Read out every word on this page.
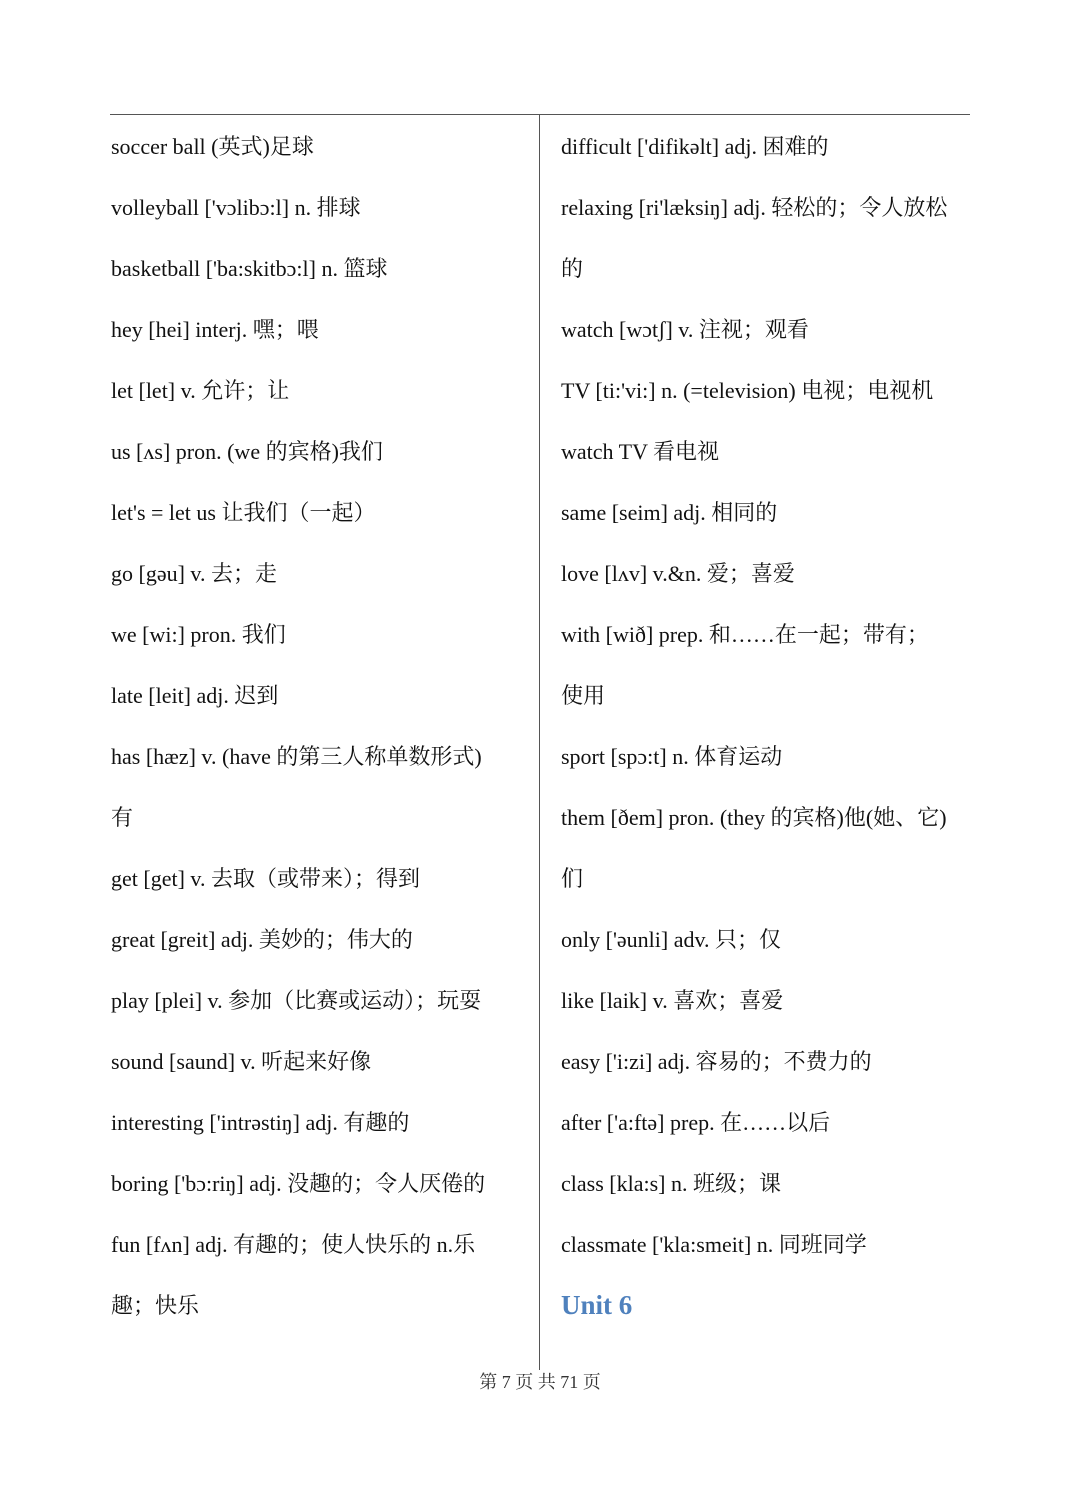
soccer ball (英式)足球
volleyball ['vɔlibɔ:l] n. 排球
basketball ['ba:skitbɔ:l] n. 篮球
hey [hei] interj. 嘿；喂
let [let] v. 允许；让
us [ʌs] pron. (we 的宾格)我们
let's = let us 让我们（一起）
go [gəu] v. 去；走
we [wi:] pron. 我们
late [leit] adj. 迟到
has [hæz] v. (have 的第三人称单数形式)
有
get [get] v. 去取（或带来）；得到
great [greit] adj. 美妙的；伟大的
play [plei] v. 参加（比赛或运动）；玩耍
sound [saund] v. 听起来好像
interesting ['intrəstiŋ] adj. 有趣的
boring ['bɔ:riŋ] adj. 没趣的；令人厌倦的
fun [fʌn] adj. 有趣的；使人快乐的 n.乐
趣；快乐
difficult ['difikəlt] adj. 困难的
relaxing [ri'læksiŋ] adj. 轻松的；令人放松
的
watch [wɔtʃ] v. 注视；观看
TV [ti:'vi:] n. (=television) 电视；电视机
watch TV 看电视
same [seim] adj. 相同的
love [lʌv] v.&n. 爱；喜爱
with [wið] prep. 和……在一起；带有；
使用
sport [spɔ:t] n. 体育运动
them [ðem] pron. (they 的宾格)他(她、它)
们
only ['əunli] adv. 只；仅
like [laik] v. 喜欢；喜爱
easy ['i:zi] adj. 容易的；不费力的
after ['a:ftə] prep. 在……以后
class [kla:s] n. 班级；课
classmate ['kla:smeit] n. 同班同学
Unit 6
第 7 页 共 71 页
